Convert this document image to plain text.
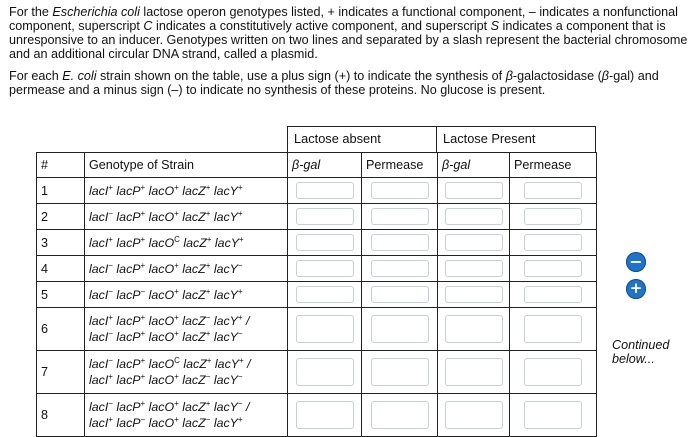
For the Escherichia coli lactose operon genotypes listed, + indicates a functional component, – indicates a nonfunctional component, superscript C indicates a constitutively active component, and superscript S indicates a component that is unresponsive to an inducer. Genotypes written on two lines and separated by a slash represent the bacterial chromosome and an additional circular DNA strand, called a plasmid.

For each E. coli strain shown on the table, use a plus sign (+) to indicate the synthesis of β-galactosidase (β-gal) and permease and a minus sign (–) to indicate no synthesis of these proteins. No glucose is present.

Lactose absent	Lactose Present
#	Genotype of Strain	β-gal	Permease	β-gal	Permease
1	lacI+ lacP+ lacO+ lacZ+ lacY+

2	lacI− lacP+ lacO+ lacZ+ lacY+

3	lacI+ lacP+ lacO$^C$ lacZ+ lacY+

4	lacI− lacP+ lacO+ lacZ+ lacY−

5	lacI− lacP− lacO+ lacZ+ lacY+

6	lacI+ lacP+ lacO+ lacZ− lacY+ /
lacI− lacP+ lacO+ lacZ+ lacY−

7	lacI− lacP+ lacO$^C$ lacZ+ lacY+ /
lacI+ lacP+ lacO+ lacZ− lacY−

8	lacI− lacP+ lacO+ lacZ+ lacY− /
lacI+ lacP− lacO+ lacZ− lacY+

−
+
Continued below...
